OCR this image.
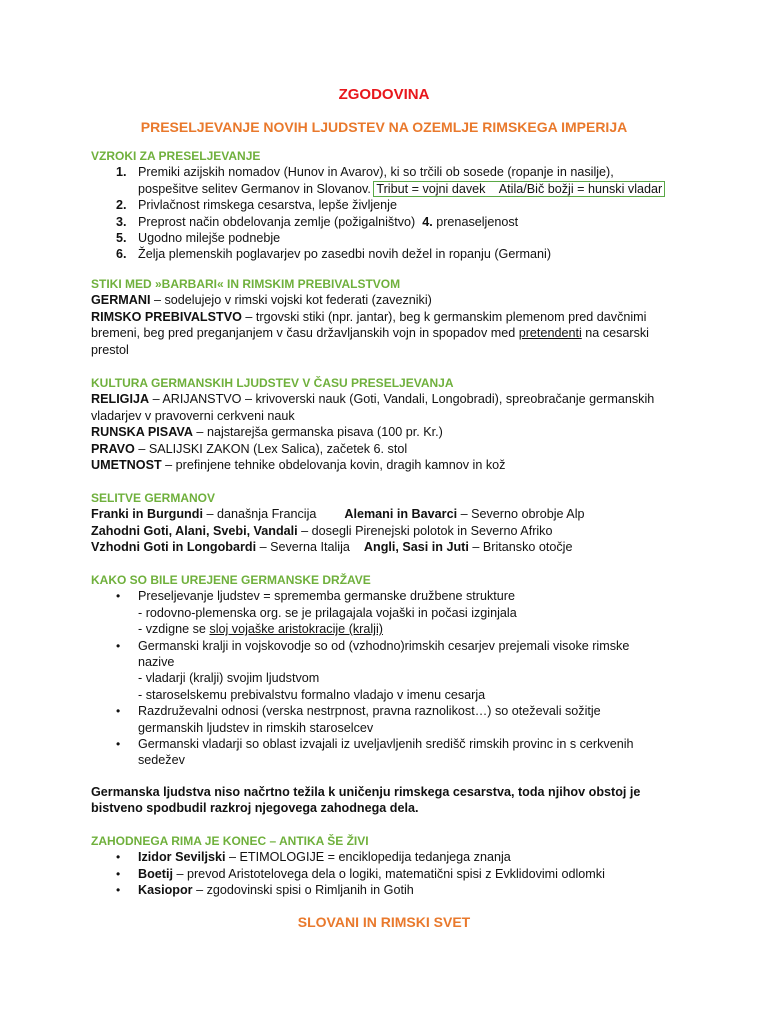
ZGODOVINA
PRESELJEVANJE NOVIH LJUDSTEV NA OZEMLJE RIMSKEGA IMPERIJA

VZROKI ZA PRESELJEVANJE

1. Premiki azijskih nomadov (Hunov in Avarov), ki so trčili ob sosede (ropanje in nasilje),
pospešitve selitev Germanov in Slovanov. Tribut = vojni davek    Atila/Bič božji = hunski vladar
2. Privlačnost rimskega cesarstva, lepše življenje
3. Preprost način obdelovanja zemlje (požigalništvo) 4. prenaseljenost
5. Ugodno milejše podnebje
6. Želja plemenskih poglavarjev po zasedbi novih dežel in ropanju (Germani)

STIKI MED »BARBARI« IN RIMSKIM PREBIVALSTVOM

GERMANI – sodelujejo v rimski vojski kot federati (zavezniki)
RIMSKO PREBIVALSTVO – trgovski stiki (npr. jantar), beg k germanskim plemenom pred davčnimi
bremeni, beg pred preganjanjem v času državljanskih vojn in spopadov med pretendenti na cesarski
prestol

KULTURA GERMANSKIH LJUDSTEV V ČASU PRESELJEVANJA

RELIGIJA – ARIJANSTVO – krivoverski nauk (Goti, Vandali, Longobradi), spreobračanje germanskih
vladarjev v pravoverni cerkveni nauk
RUNSKA PISAVA – najstarejša germanska pisava (100 pr. Kr.)
PRAVO – SALIJSKI ZAKON (Lex Salica), začetek 6. stol
UMETNOST – prefinjene tehnike obdelovanja kovin, dragih kamnov in kož

SELITVE GERMANOV

Franki in Burgundi – današnja Francija Alemani in Bavarci – Severno obrobje Alp
Zahodni Goti, Alani, Svebi, Vandali – dosegli Pirenejski polotok in Severno Afriko
Vzhodni Goti in Longobardi – Severna Italija Angli, Sasi in Juti – Britansko otočje

KAKO SO BILE UREJENE GERMANSKE DRŽAVE

• Preseljevanje ljudstev = sprememba germanske družbene strukture
- rodovno-plemenska org. se je prilagajala vojaški in počasi izginjala
- vzdigne se sloj vojaške aristokracije (kralji)
• Germanski kralji in vojskovodje so od (vzhodno)rimskih cesarjev prejemali visoke rimske
nazive
- vladarji (kralji) svojim ljudstvom
- staroselskemu prebivalstvu formalno vladajo v imenu cesarja
• Razdruževalni odnosi (verska nestrpnost, pravna raznolikost…) so oteževali sožitje
germanskih ljudstev in rimskih staroselcev
• Germanski vladarji so oblast izvajali iz uveljavljenih središč rimskih provinc in s cerkvenih
sedežev
Germanska ljudstva niso načrtno težila k uničenju rimskega cesarstva, toda njihov obstoj je
bistveno spodbudil razkroj njegovega zahodnega dela.

ZAHODNEGA RIMA JE KONEC – ANTIKA ŠE ŽIVI

• Izidor Seviljski – ETIMOLOGIJE = enciklopedija tedanjega znanja
• Boetij – prevod Aristotelovega dela o logiki, matematični spisi z Evklidovimi odlomki
• Kasiopor – zgodovinski spisi o Rimljanih in Gotih
SLOVANI IN RIMSKI SVET
